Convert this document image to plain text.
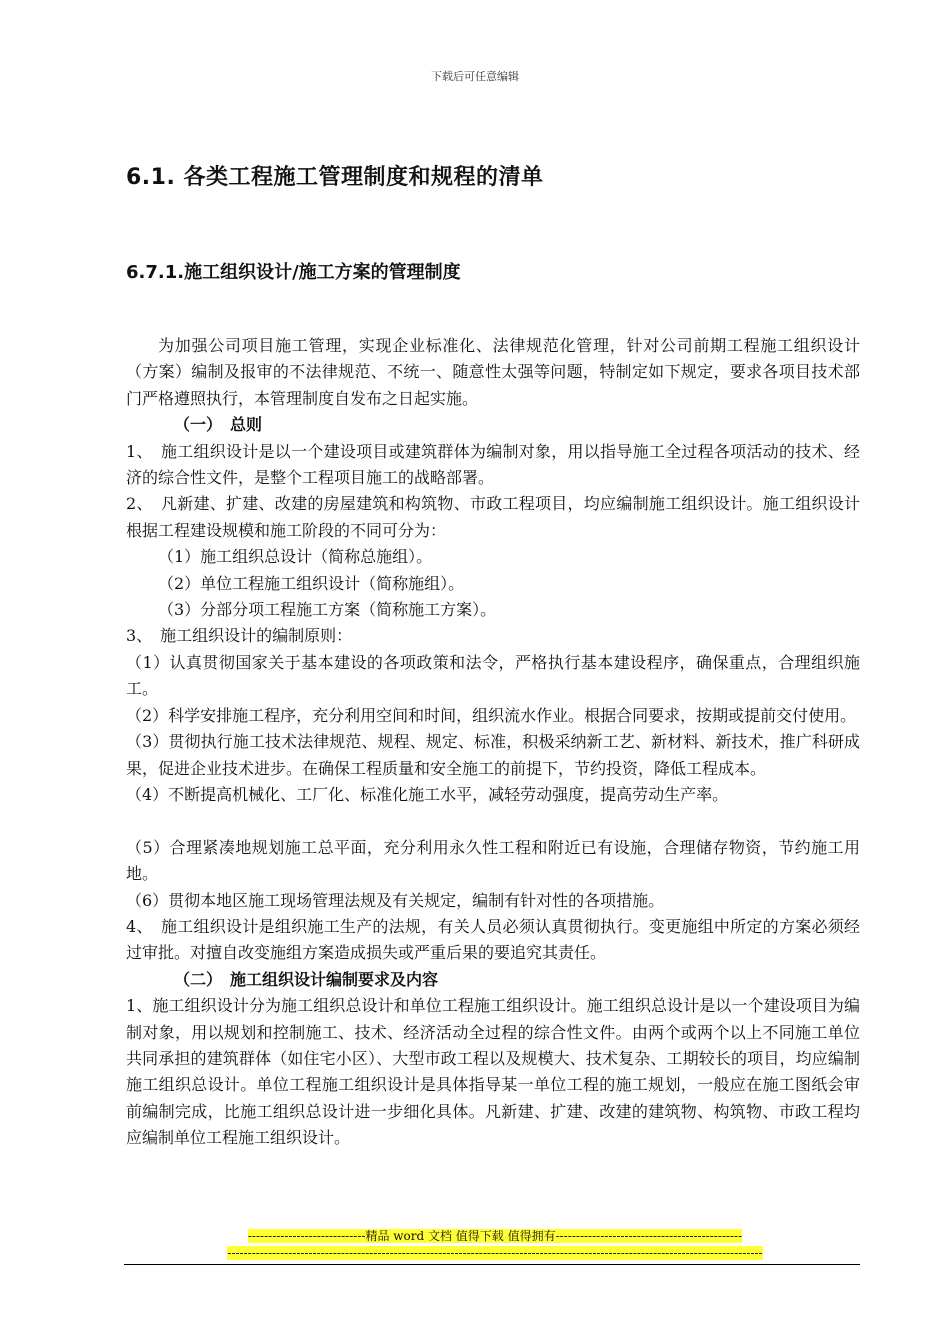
下载后可任意编辑
6.1. 各类工程施工管理制度和规程的清单
6.7.1.施工组织设计/施工方案的管理制度

为加强公司项目施工管理，实现企业标准化、法律规范化管理，针对公司前期工程施工组织设计（方案）编制及报审的不法律规范、不统一、随意性太强等问题，特制定如下规定，要求各项目技术部门严格遵照执行，本管理制度自发布之日起实施。

（一）　总则

1、　施工组织设计是以一个建设项目或建筑群体为编制对象，用以指导施工全过程各项活动的技术、经济的综合性文件，是整个工程项目施工的战略部署。

2、　凡新建、扩建、改建的房屋建筑和构筑物、市政工程项目，均应编制施工组织设计。施工组织设计根据工程建设规模和施工阶段的不同可分为：

（1）施工组织总设计（简称总施组）。

（2）单位工程施工组织设计（简称施组）。

（3）分部分项工程施工方案（简称施工方案）。

3、　施工组织设计的编制原则：

（1）认真贯彻国家关于基本建设的各项政策和法令，严格执行基本建设程序，确保重点，合理组织施工。

（2）科学安排施工程序，充分利用空间和时间，组织流水作业。根据合同要求，按期或提前交付使用。

（3）贯彻执行施工技术法律规范、规程、规定、标准，积极采纳新工艺、新材料、新技术，推广科研成果，促进企业技术进步。在确保工程质量和安全施工的前提下，节约投资，降低工程成本。

（4）不断提高机械化、工厂化、标准化施工水平，减轻劳动强度，提高劳动生产率。

（5）合理紧凑地规划施工总平面，充分利用永久性工程和附近已有设施，合理储存物资，节约施工用地。

（6）贯彻本地区施工现场管理法规及有关规定，编制有针对性的各项措施。

4、　施工组织设计是组织施工生产的法规，有关人员必须认真贯彻执行。变更施组中所定的方案必须经过审批。对擅自改变施组方案造成损失或严重后果的要追究其责任。

（二）　施工组织设计编制要求及内容

1、施工组织设计分为施工组织总设计和单位工程施工组织设计。施工组织总设计是以一个建设项目为编制对象，用以规划和控制施工、技术、经济活动全过程的综合性文件。由两个或两个以上不同施工单位共同承担的建筑群体（如住宅小区）、大型市政工程以及规模大、技术复杂、工期较长的项目，均应编制施工组织总设计。单位工程施工组织设计是具体指导某一单位工程的施工规划，一般应在施工图纸会审前编制完成，比施工组织总设计进一步细化具体。凡新建、扩建、改建的建筑物、构筑物、市政工程均应编制单位工程施工组织设计。

-----------------------------精品 word 文档 值得下载 值得拥有----------------------------------------------
------------------------------------------------------------------------------------------------------------------------------------
